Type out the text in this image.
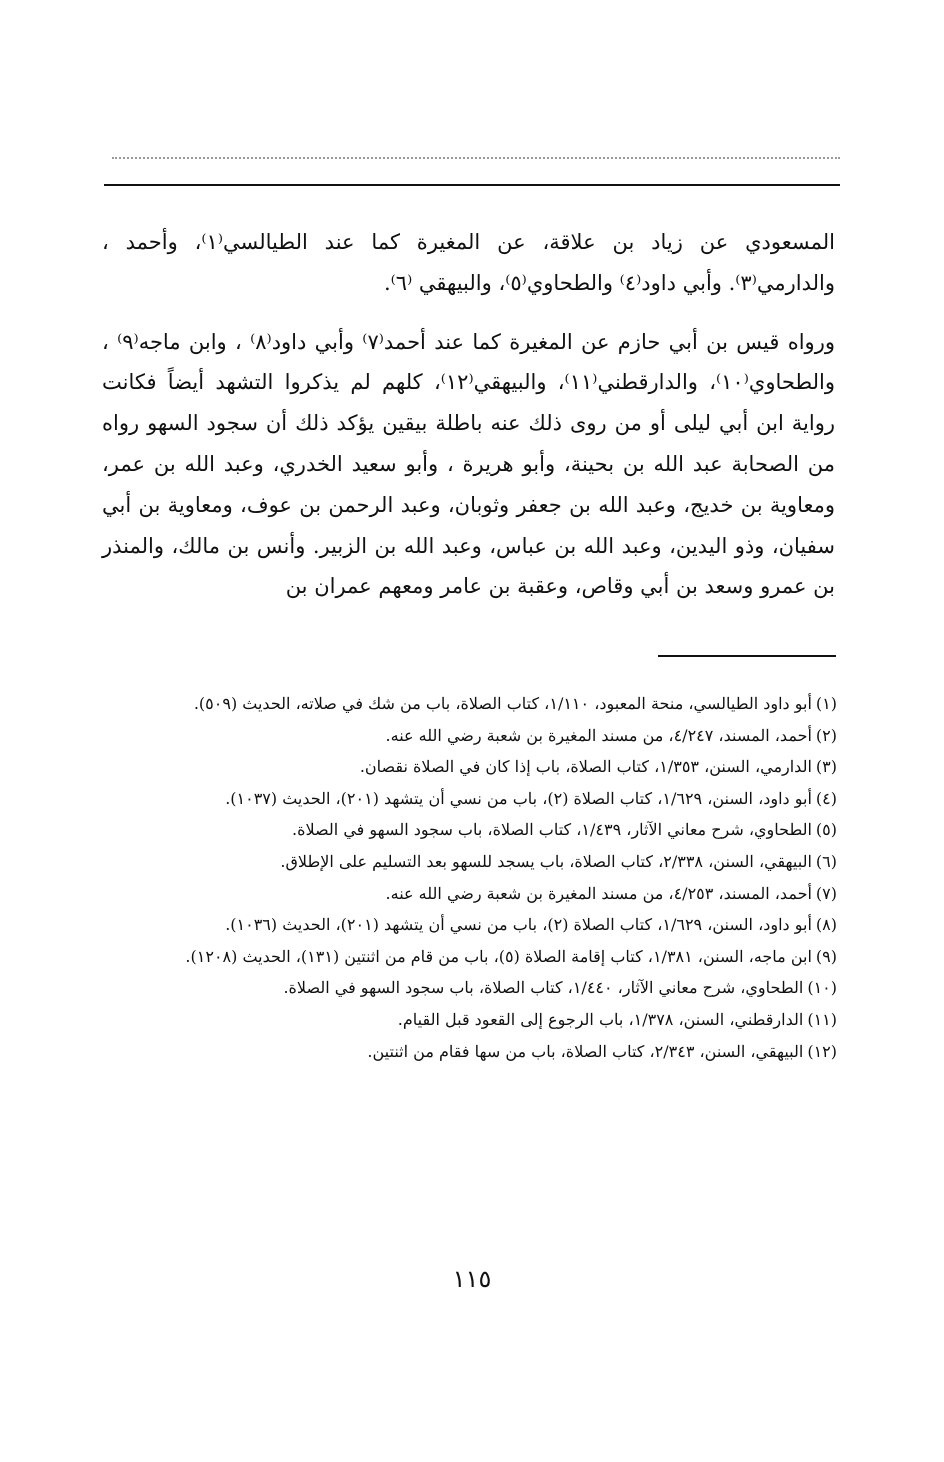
المسعودي عن زياد بن علاقة، عن المغيرة كما عند الطيالسي⁽١⁾، وأحمد ، والدارمي⁽٣⁾. وأبي داود⁽٤⁾ والطحاوي⁽٥⁾، والبيهقي ⁽٦⁾.

ورواه قيس بن أبي حازم عن المغيرة كما عند أحمد⁽٧⁾ وأبي داود⁽٨⁾ ، وابن ماجه⁽٩⁾ ، والطحاوي⁽١٠⁾، والدارقطني⁽١١⁾، والبيهقي⁽١٢⁾، كلهم لم يذكروا التشهد أيضاً فكانت رواية ابن أبي ليلى أو من روى ذلك عنه باطلة بيقين يؤكد ذلك أن سجود السهو رواه من الصحابة عبد الله بن بحينة، وأبو هريرة ، وأبو سعيد الخدري، وعبد الله بن عمر، ومعاوية بن خديج، وعبد الله بن جعفر وثوبان، وعبد الرحمن بن عوف، ومعاوية بن أبي سفيان، وذو اليدين، وعبد الله بن عباس، وعبد الله بن الزبير. وأنس بن مالك، والمنذر بن عمرو وسعد بن أبي وقاص، وعقبة بن عامر ومعهم عمران بن

(١)
أبو داود الطيالسي، منحة المعبود، ١/١١٠، كتاب الصلاة، باب من شك في صلاته، الحديث (٥٠٩).
(٢)
أحمد، المسند، ٤/٢٤٧، من مسند المغيرة بن شعبة رضي الله عنه.
(٣)
الدارمي، السنن، ١/٣٥٣، كتاب الصلاة، باب إذا كان في الصلاة نقصان.
(٤)
أبو داود، السنن، ١/٦٢٩، كتاب الصلاة (٢)، باب من نسي أن يتشهد (٢٠١)، الحديث (١٠٣٧).
(٥)
الطحاوي، شرح معاني الآثار، ١/٤٣٩، كتاب الصلاة، باب سجود السهو في الصلاة.
(٦)
البيهقي، السنن، ٢/٣٣٨، كتاب الصلاة، باب يسجد للسهو بعد التسليم على الإطلاق.
(٧)
أحمد، المسند، ٤/٢٥٣، من مسند المغيرة بن شعبة رضي الله عنه.
(٨)
أبو داود، السنن، ١/٦٢٩، كتاب الصلاة (٢)، باب من نسي أن يتشهد (٢٠١)، الحديث (١٠٣٦).
(٩)
ابن ماجه، السنن، ١/٣٨١، كتاب إقامة الصلاة (٥)، باب من قام من اثنتين (١٣١)، الحديث (١٢٠٨).
(١٠)
الطحاوي، شرح معاني الآثار، ١/٤٤٠، كتاب الصلاة، باب سجود السهو في الصلاة.
(١١)
الدارقطني، السنن، ١/٣٧٨، باب الرجوع إلى القعود قبل القيام.
(١٢)
البيهقي، السنن، ٢/٣٤٣، كتاب الصلاة، باب من سها فقام من اثنتين.
١١٥
